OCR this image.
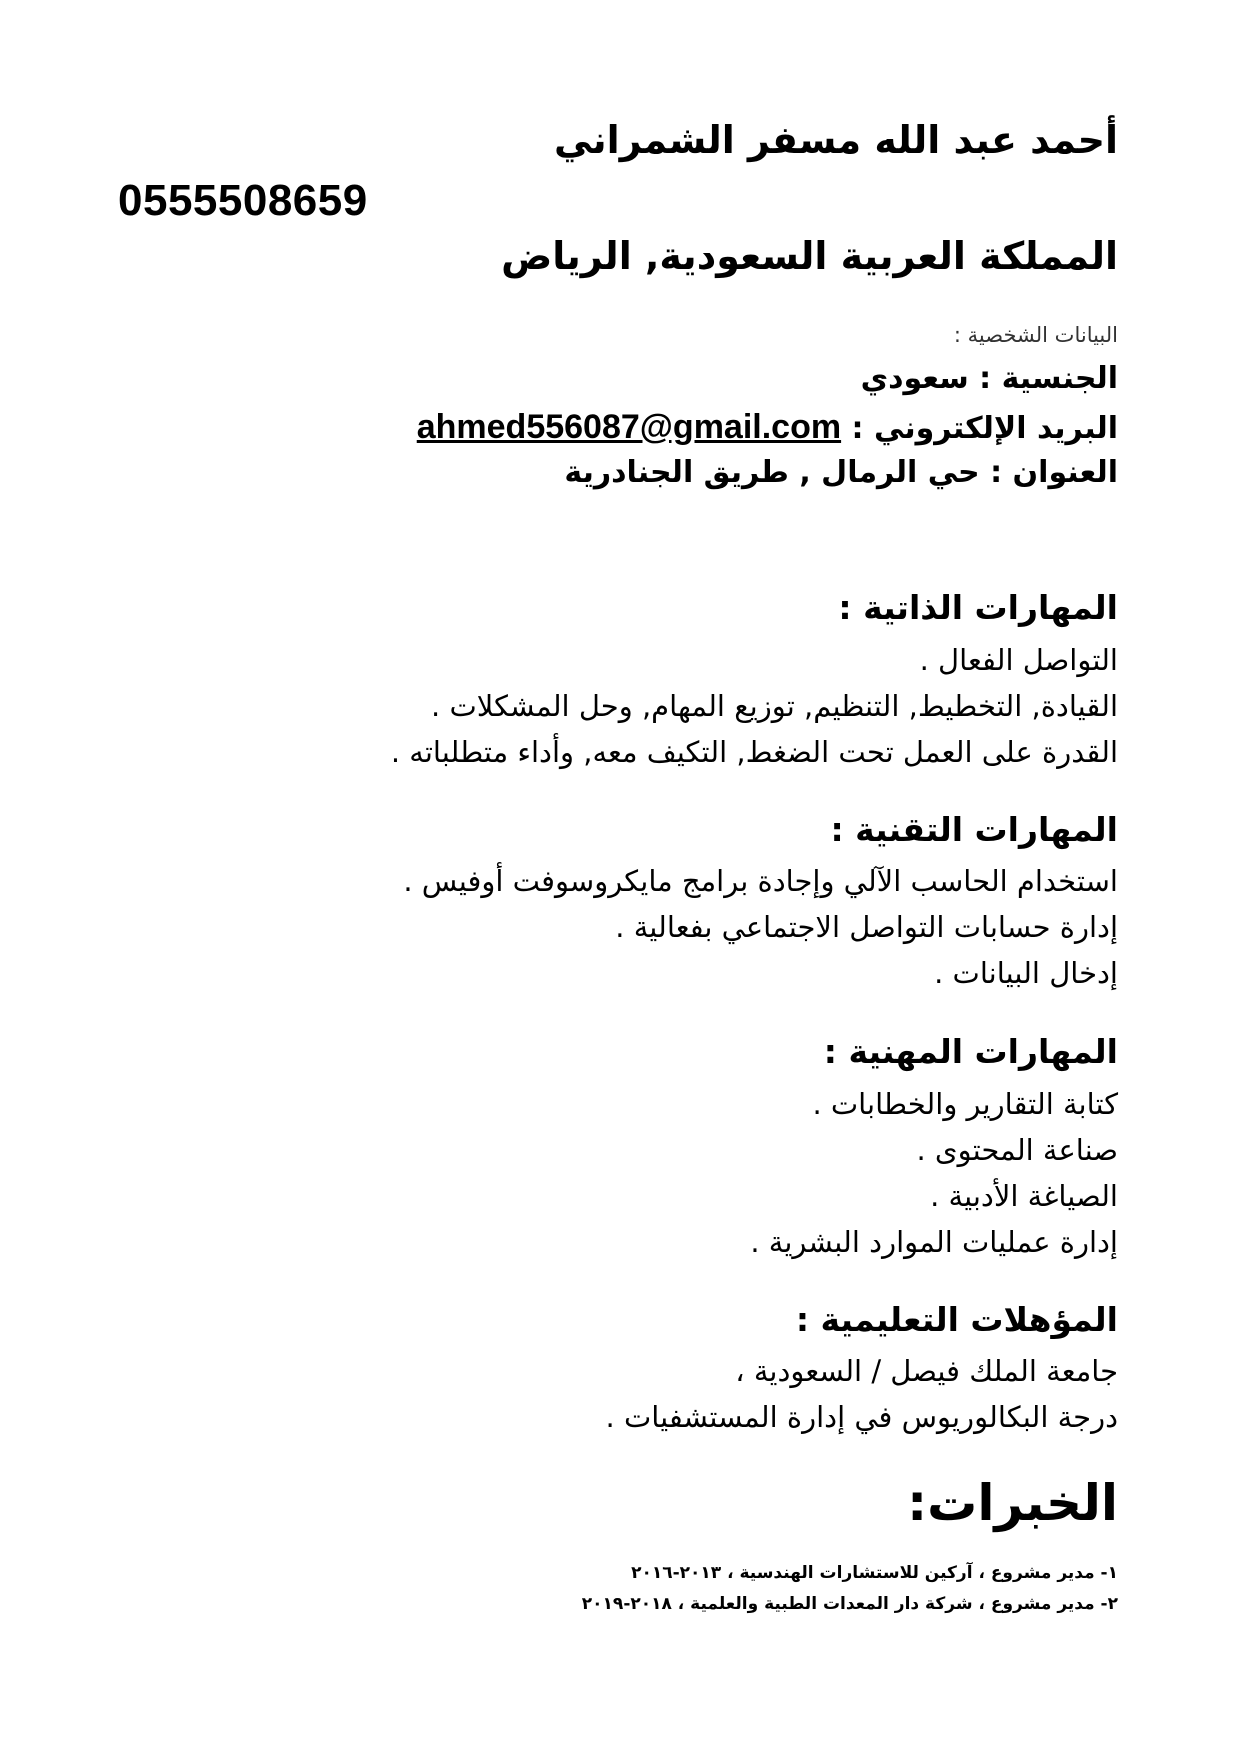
أحمد عبد الله مسفر الشمراني
0555508659
المملكة العربية السعودية, الرياض
البيانات الشخصية :
الجنسية : سعودي
البريد الإلكتروني : ahmed556087@gmail.com
العنوان : حي الرمال , طريق الجنادرية
المهارات الذاتية :
التواصل الفعال .
القيادة, التخطيط, التنظيم, توزيع المهام, وحل المشكلات .
القدرة على العمل تحت الضغط, التكيف معه, وأداء متطلباته .
المهارات التقنية :
استخدام الحاسب الآلي وإجادة برامج مايكروسوفت أوفيس .
إدارة حسابات التواصل الاجتماعي بفعالية .
إدخال البيانات .
المهارات المهنية :
كتابة التقارير والخطابات .
صناعة المحتوى .
الصياغة الأدبية .
إدارة عمليات الموارد البشرية .
المؤهلات التعليمية :
جامعة الملك فيصل / السعودية ،
درجة البكالوريوس في إدارة المستشفيات .
الخبرات:
١- مدير مشروع ، آركين للاستشارات الهندسية ، ٢٠١٣-٢٠١٦
٢- مدير مشروع ، شركة دار المعدات الطبية والعلمية ، ٢٠١٨-٢٠١٩
